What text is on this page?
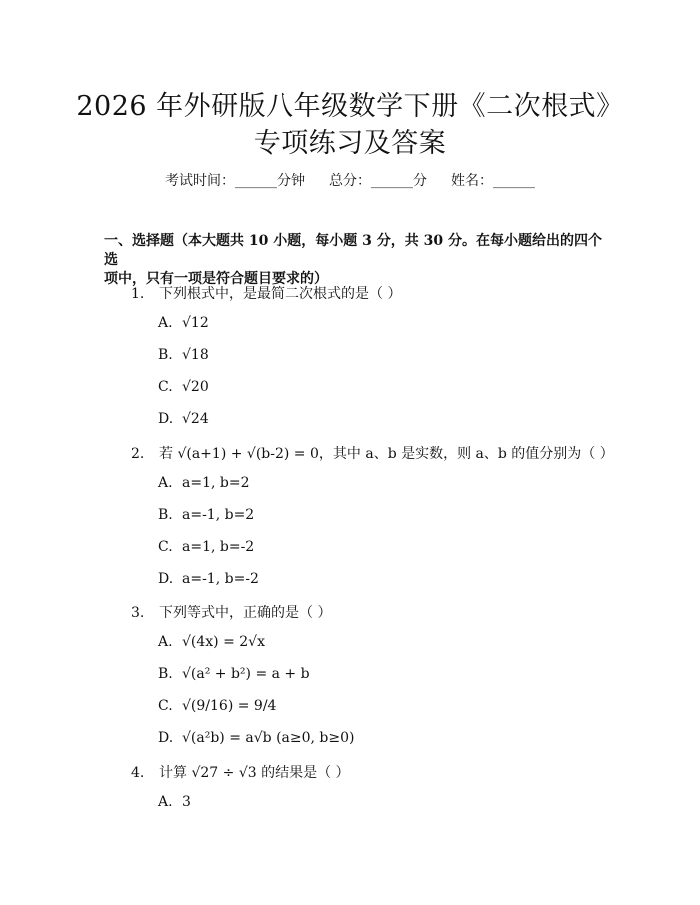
2026 年外研版八年级数学下册《二次根式》
专项练习及答案
考试时间：______分钟 总分：______分 姓名：______
一、选择题（本大题共 10 小题，每小题 3 分，共 30 分。在每小题给出的四个选
项中，只有一项是符合题目要求的）
1. 下列根式中，是最简二次根式的是（ ）
A. √12
B. √18
C. √20
D. √24
2. 若 √(a+1) + √(b-2) = 0，其中 a、b 是实数，则 a、b 的值分别为（ ）
A. a=1, b=2
B. a=-1, b=2
C. a=1, b=-2
D. a=-1, b=-2
3. 下列等式中，正确的是（ ）
A. √(4x) = 2√x
B. √(a² + b²) = a + b
C. √(9/16) = 9/4
D. √(a²b) = a√b (a≥0, b≥0)
4. 计算 √27 ÷ √3 的结果是（ ）
A. 3
